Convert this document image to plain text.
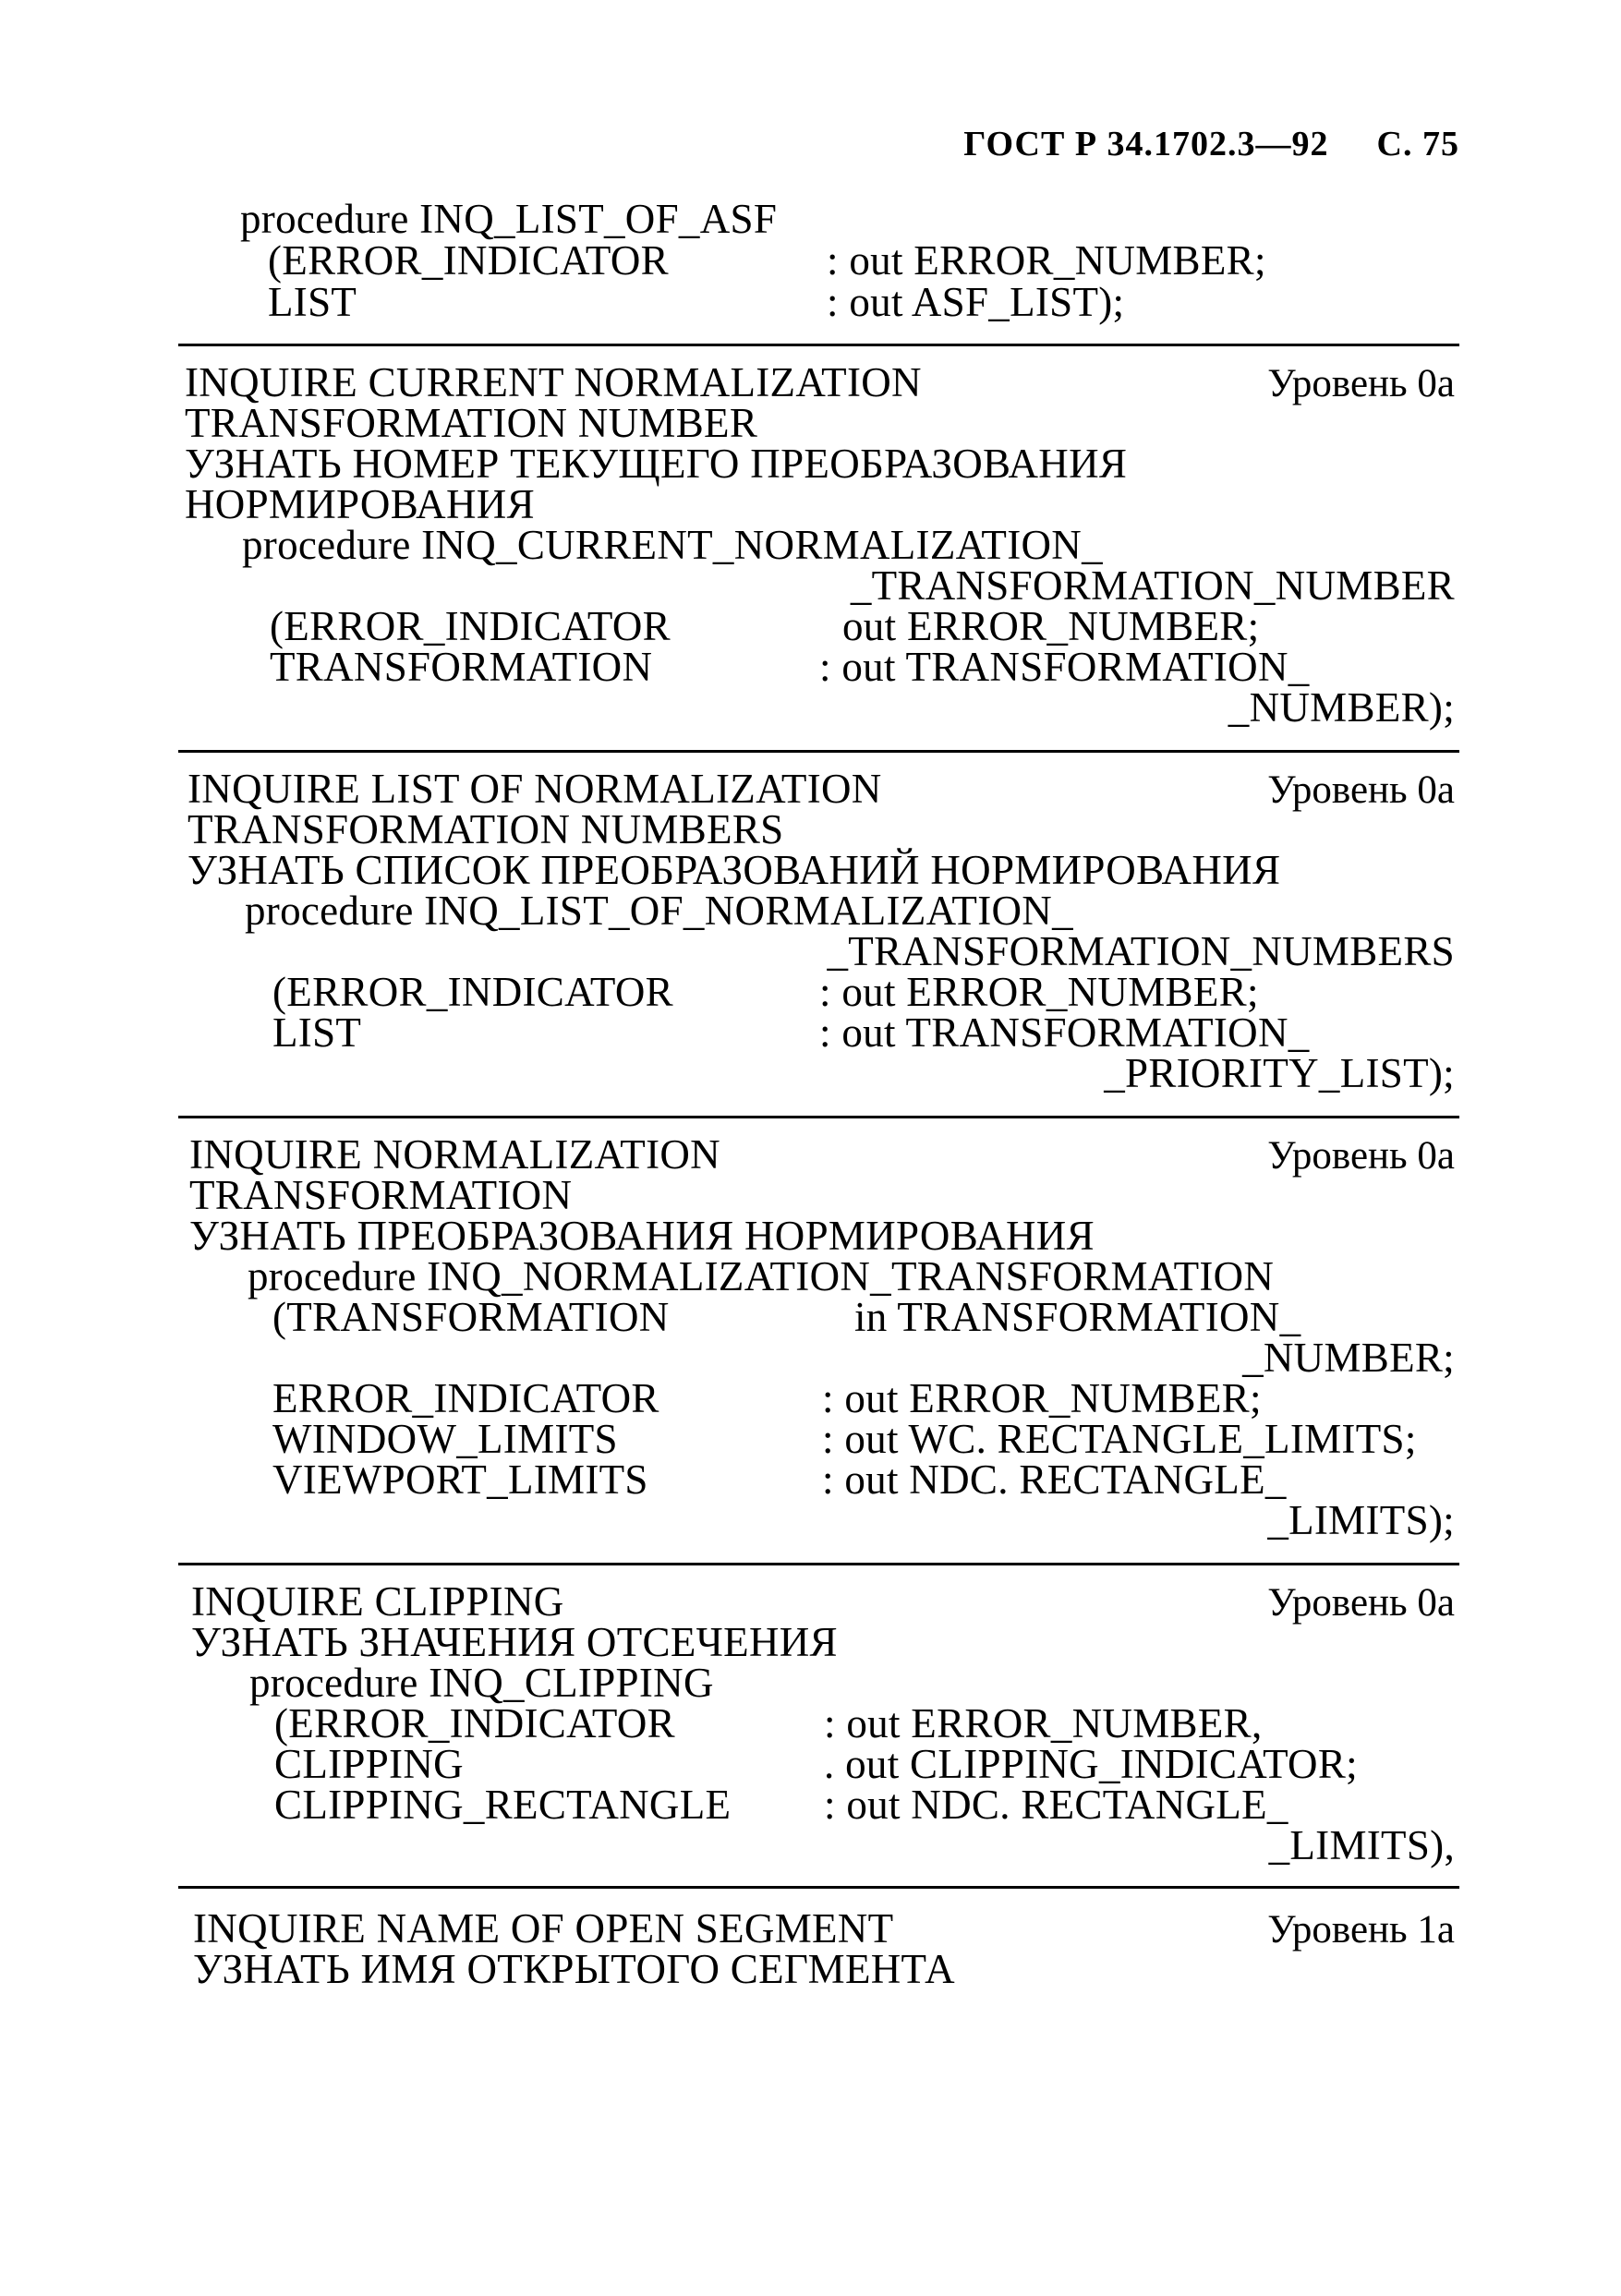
ГОСТ Р 34.1702.3—92 С. 75
procedure INQ_LIST_OF_ASF
(ERROR_INDICATOR	: out ERROR_NUMBER;
LIST	: out ASF_LIST);
INQUIRE CURRENT NORMALIZATION	Уровень 0а
TRANSFORMATION NUMBER
УЗНАТЬ НОМЕР ТЕКУЩЕГО ПРЕОБРАЗОВАНИЯ
НОРМИРОВАНИЯ
procedure INQ_CURRENT_NORMALIZATION_
_TRANSFORMATION_NUMBER
(ERROR_INDICATOR	out ERROR_NUMBER;
TRANSFORMATION	: out TRANSFORMATION_
_NUMBER);
INQUIRE LIST OF NORMALIZATION	Уровень 0а
TRANSFORMATION NUMBERS
УЗНАТЬ СПИСОК ПРЕОБРАЗОВАНИЙ НОРМИРОВАНИЯ
procedure INQ_LIST_OF_NORMALIZATION_
_TRANSFORMATION_NUMBERS
(ERROR_INDICATOR	: out ERROR_NUMBER;
LIST	: out TRANSFORMATION_
_PRIORITY_LIST);
INQUIRE NORMALIZATION	Уровень 0а
TRANSFORMATION
УЗНАТЬ ПРЕОБРАЗОВАНИЯ НОРМИРОВАНИЯ
procedure INQ_NORMALIZATION_TRANSFORMATION
(TRANSFORMATION	in TRANSFORMATION_
_NUMBER;
ERROR_INDICATOR	: out ERROR_NUMBER;
WINDOW_LIMITS	: out WC. RECTANGLE_LIMITS;
VIEWPORT_LIMITS	: out NDC. RECTANGLE_
_LIMITS);
INQUIRE CLIPPING	Уровень 0а
УЗНАТЬ ЗНАЧЕНИЯ ОТСЕЧЕНИЯ
procedure INQ_CLIPPING
(ERROR_INDICATOR	: out ERROR_NUMBER,
CLIPPING	. out CLIPPING_INDICATOR;
CLIPPING_RECTANGLE : out NDC. RECTANGLE_
_LIMITS),
INQUIRE NAME OF OPEN SEGMENT	Уровень 1а
УЗНАТЬ ИМЯ ОТКРЫТОГО СЕГМЕНТА
